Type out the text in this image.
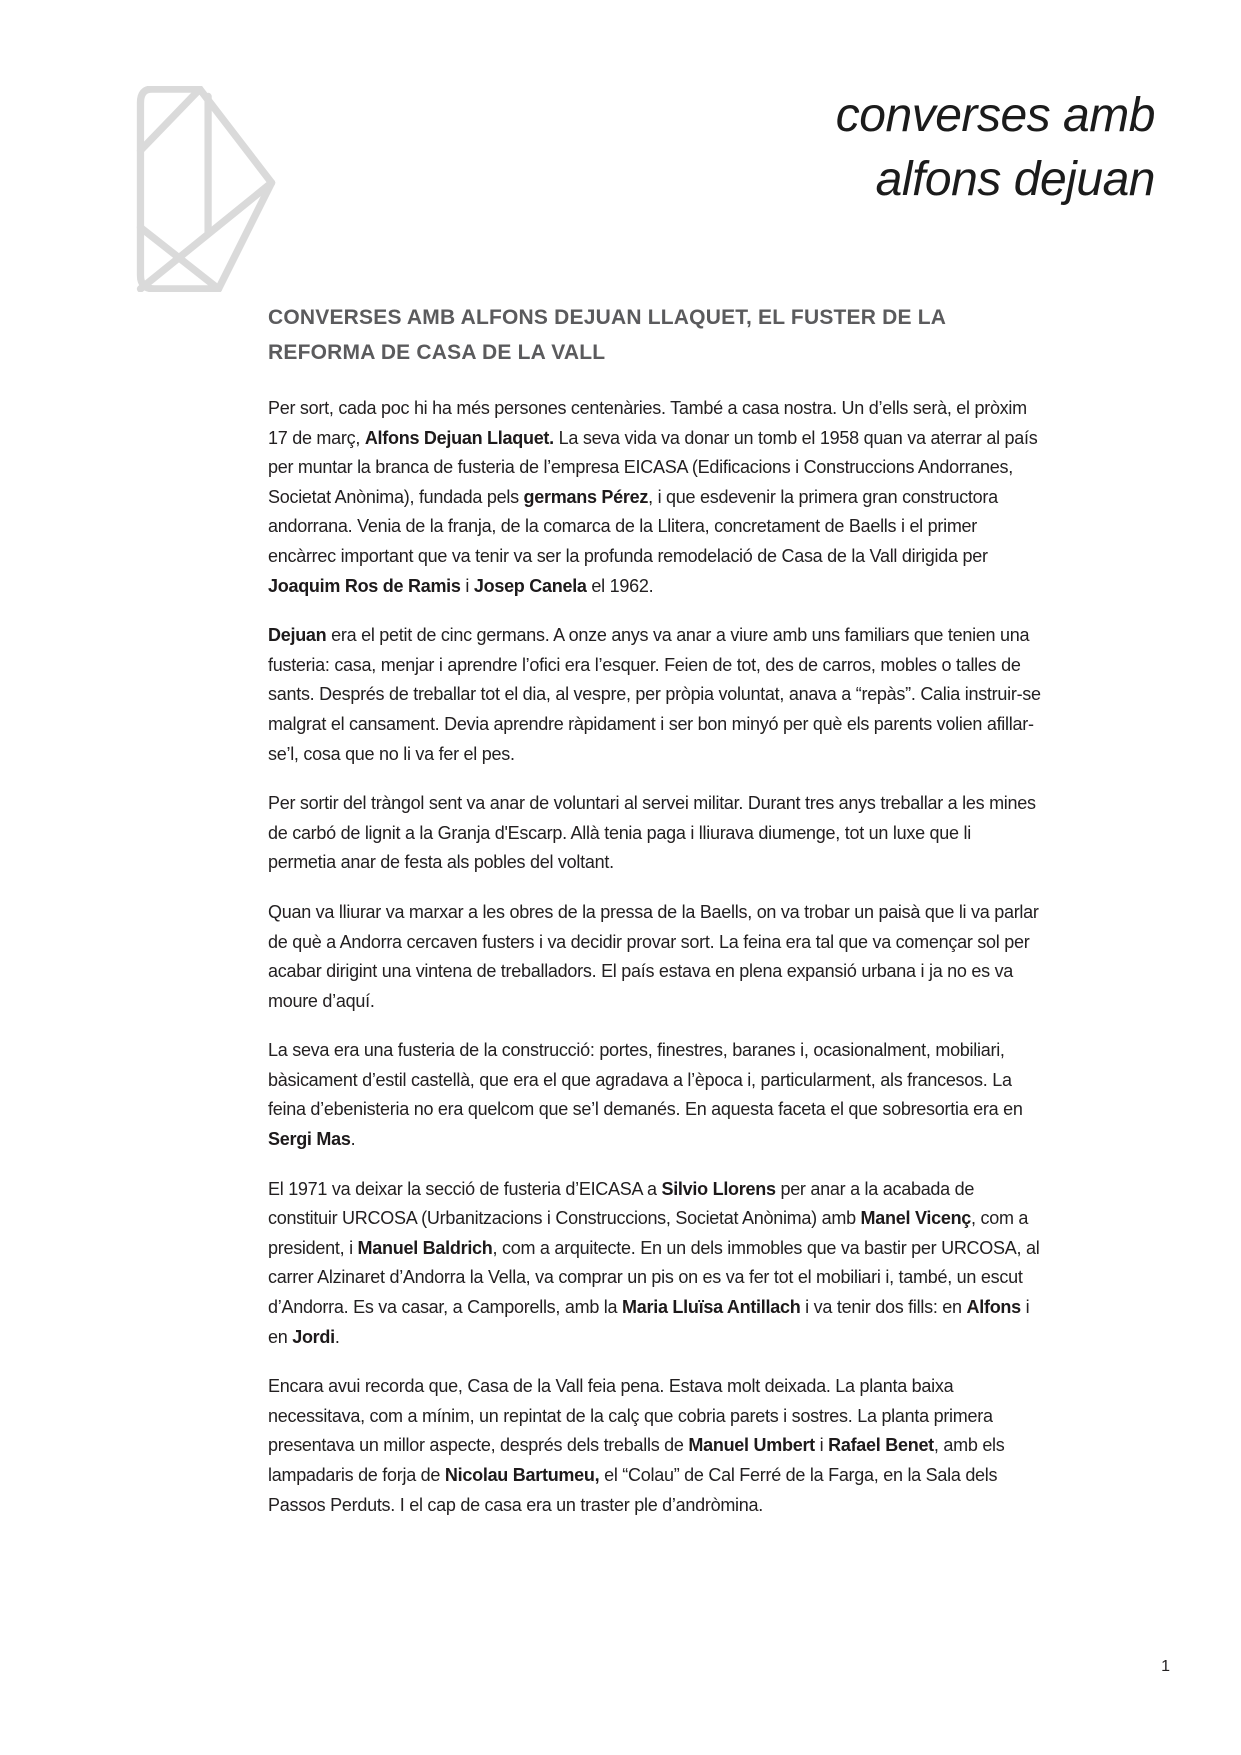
converses amb
alfons dejuan
CONVERSES AMB ALFONS DEJUAN LLAQUET, EL FUSTER DE LA REFORMA DE CASA DE LA VALL

Per sort, cada poc hi ha més persones centenàries. També a casa nostra. Un d’ells serà, el pròxim 17 de març, Alfons Dejuan Llaquet. La seva vida va donar un tomb el 1958 quan va aterrar al país per muntar la branca de fusteria de l’empresa EICASA (Edificacions i Construccions Andorranes, Societat Anònima), fundada pels germans Pérez, i que esdevenir la primera gran constructora andorrana. Venia de la franja, de la comarca de la Llitera, concretament de Baells i el primer encàrrec important que va tenir va ser la profunda remodelació de Casa de la Vall dirigida per Joaquim Ros de Ramis i Josep Canela el 1962.

Dejuan era el petit de cinc germans. A onze anys va anar a viure amb uns familiars que tenien una fusteria: casa, menjar i aprendre l’ofici era l’esquer. Feien de tot, des de carros, mobles o talles de sants. Després de treballar tot el dia, al vespre, per pròpia voluntat, anava a “repàs”. Calia instruir-se malgrat el cansament. Devia aprendre ràpidament i ser bon minyó per què els parents volien afillar-se’l, cosa que no li va fer el pes.

Per sortir del tràngol sent va anar de voluntari al servei militar. Durant tres anys treballar a les mines de carbó de lignit a la Granja d'Escarp. Allà tenia paga i lliurava diumenge, tot un luxe que li permetia anar de festa als pobles del voltant.

Quan va lliurar va marxar a les obres de la pressa de la Baells, on va trobar un paisà que li va parlar de què a Andorra cercaven fusters i va decidir provar sort. La feina era tal que va començar sol per acabar dirigint una vintena de treballadors. El país estava en plena expansió urbana i ja no es va moure d’aquí.

La seva era una fusteria de la construcció: portes, finestres, baranes i, ocasionalment, mobiliari, bàsicament d’estil castellà, que era el que agradava a l’època i, particularment, als francesos. La feina d’ebenisteria no era quelcom que se’l demanés. En aquesta faceta el que sobresortia era en Sergi Mas.

El 1971 va deixar la secció de fusteria d’EICASA a Silvio Llorens per anar a la acabada de constituir URCOSA (Urbanitzacions i Construccions, Societat Anònima) amb Manel Vicenç, com a president, i Manuel Baldrich, com a arquitecte. En un dels immobles que va bastir per URCOSA, al carrer Alzinaret d’Andorra la Vella, va comprar un pis on es va fer tot el mobiliari i, també, un escut d’Andorra. Es va casar, a Camporells, amb la Maria Lluïsa Antillach i va tenir dos fills: en Alfons i en Jordi.

Encara avui recorda que, Casa de la Vall feia pena. Estava molt deixada. La planta baixa necessitava, com a mínim, un repintat de la calç que cobria parets i sostres. La planta primera presentava un millor aspecte, després dels treballs de Manuel Umbert i Rafael Benet, amb els lampadaris de forja de Nicolau Bartumeu, el “Colau” de Cal Ferré de la Farga, en la Sala dels Passos Perduts. I el cap de casa era un traster ple d’andròmina.

1
